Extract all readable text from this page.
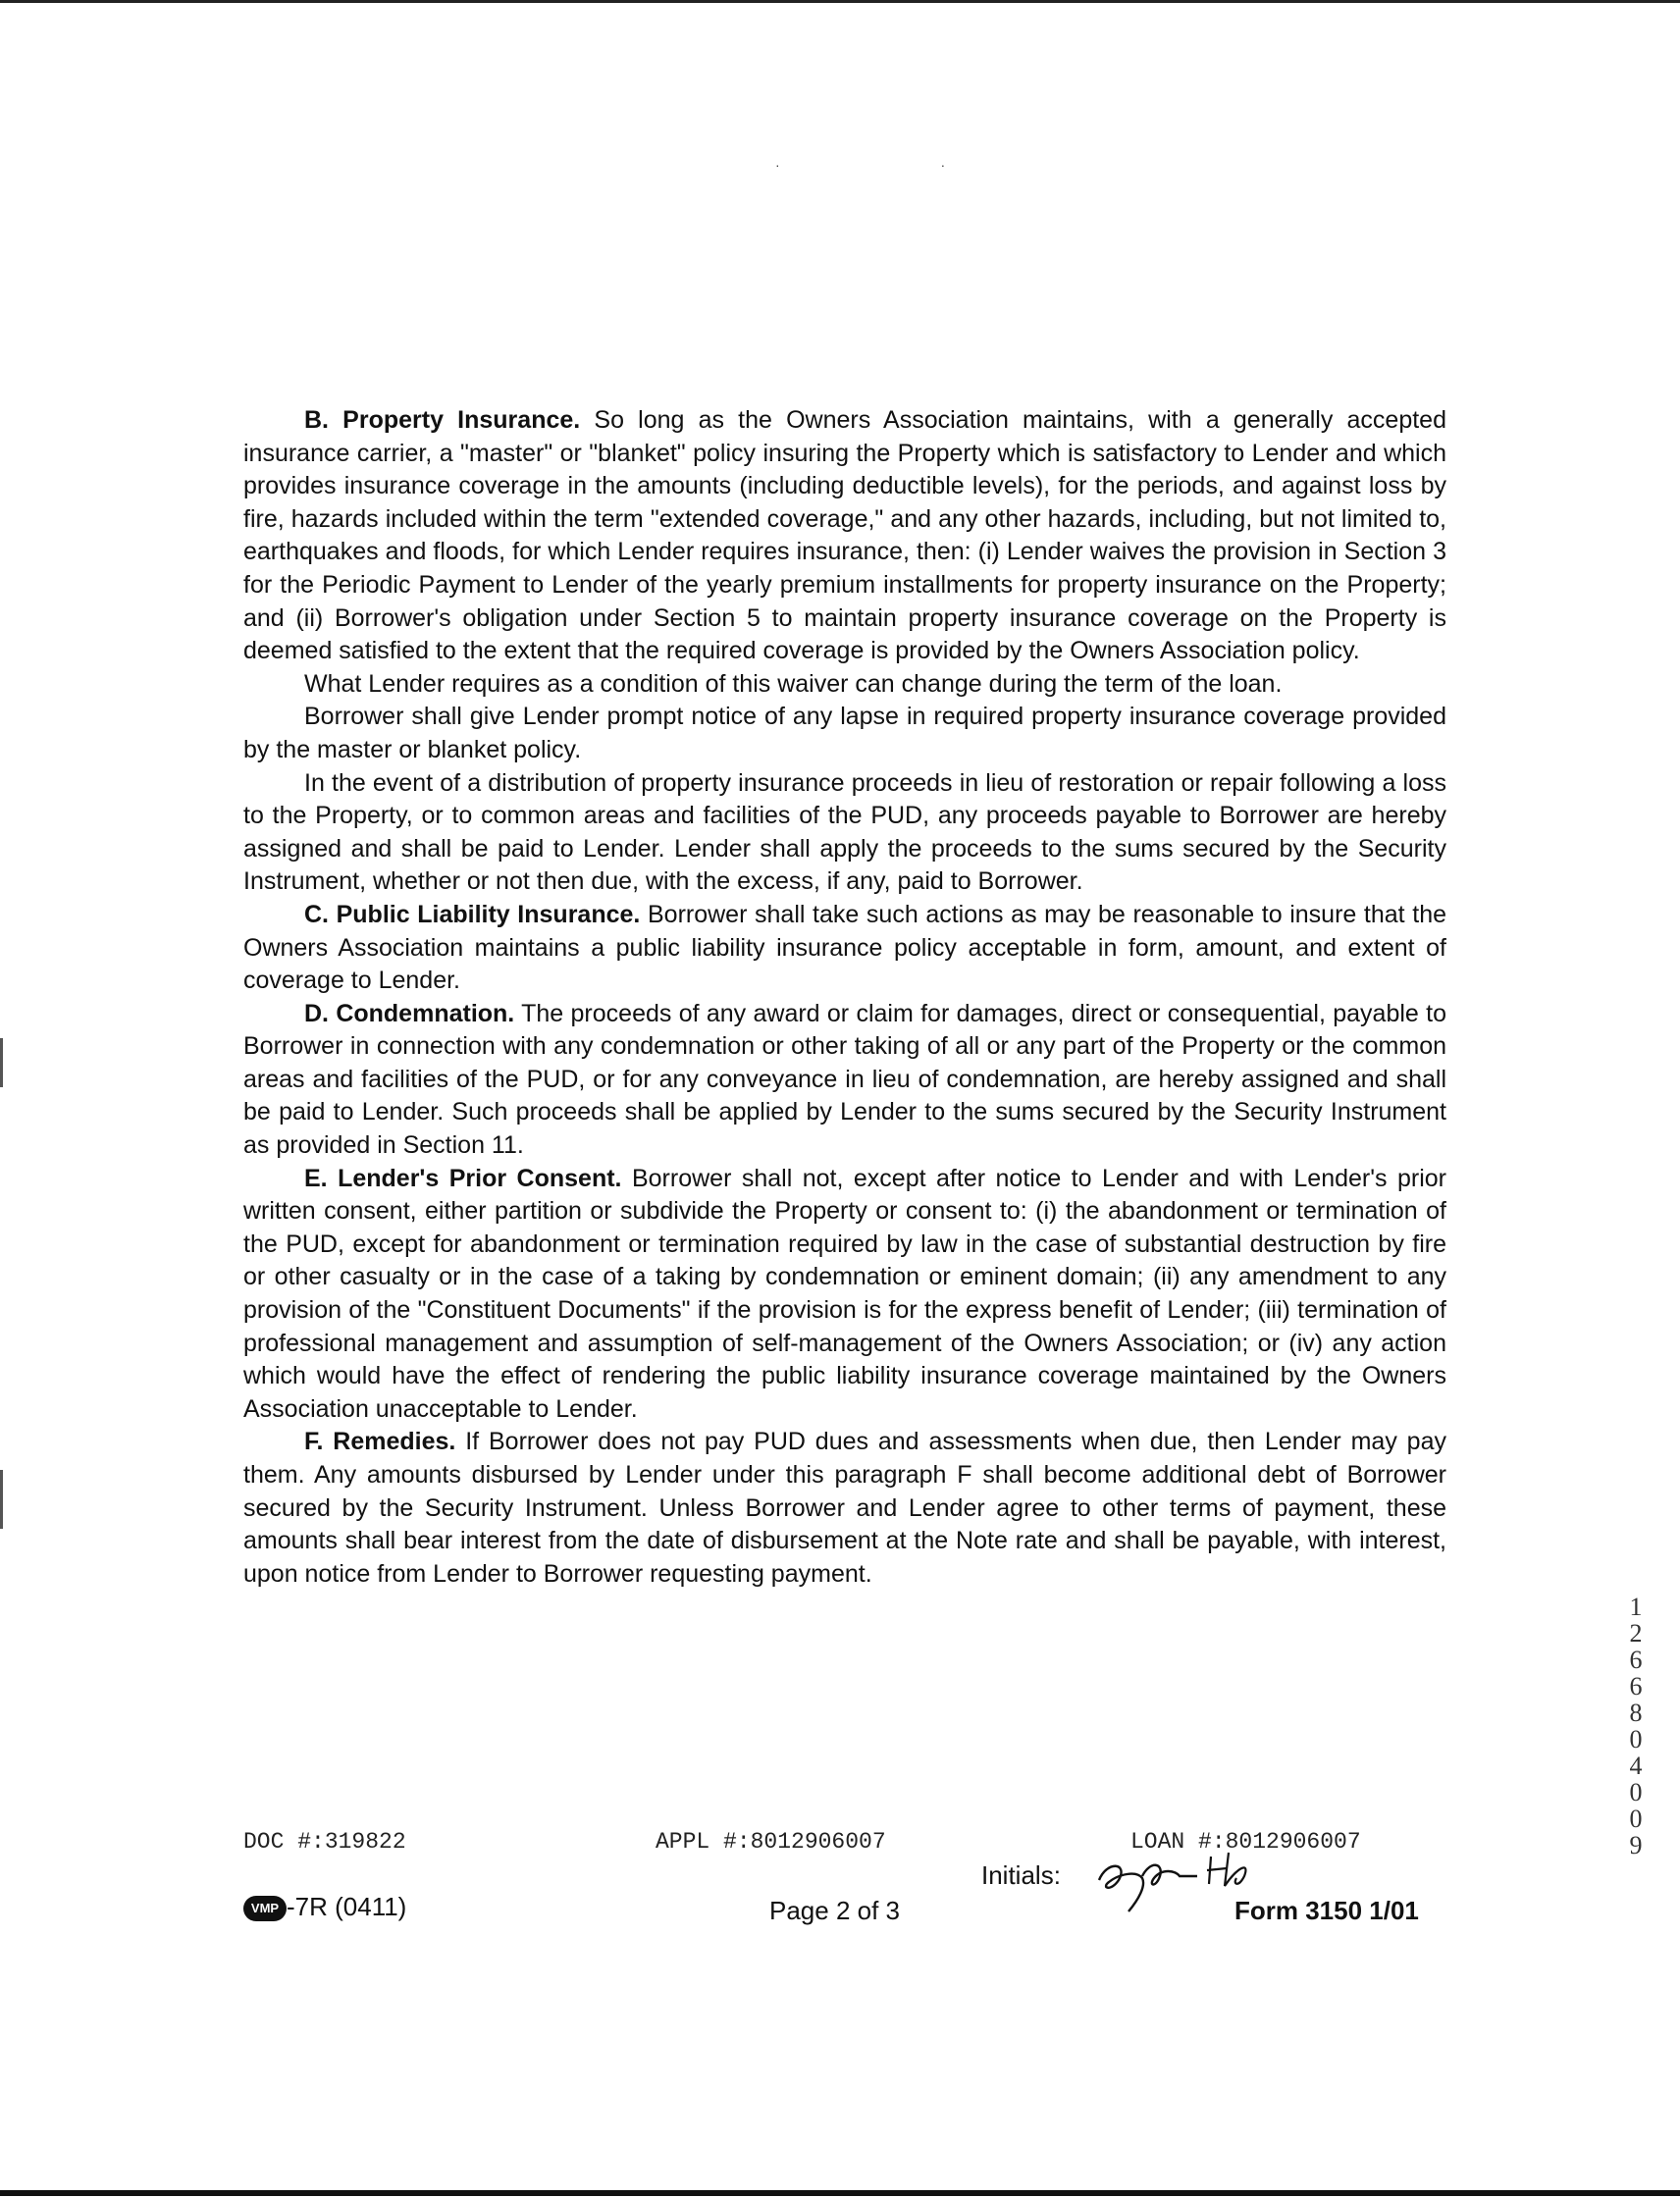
· ·

B. Property Insurance. So long as the Owners Association maintains, with a generally accepted insurance carrier, a "master" or "blanket" policy insuring the Property which is satisfactory to Lender and which provides insurance coverage in the amounts (including deductible levels), for the periods, and against loss by fire, hazards included within the term "extended coverage," and any other hazards, including, but not limited to, earthquakes and floods, for which Lender requires insurance, then: (i) Lender waives the provision in Section 3 for the Periodic Payment to Lender of the yearly premium installments for property insurance on the Property; and (ii) Borrower's obligation under Section 5 to maintain property insurance coverage on the Property is deemed satisfied to the extent that the required coverage is provided by the Owners Association policy.

What Lender requires as a condition of this waiver can change during the term of the loan.

Borrower shall give Lender prompt notice of any lapse in required property insurance coverage provided by the master or blanket policy.

In the event of a distribution of property insurance proceeds in lieu of restoration or repair following a loss to the Property, or to common areas and facilities of the PUD, any proceeds payable to Borrower are hereby assigned and shall be paid to Lender. Lender shall apply the proceeds to the sums secured by the Security Instrument, whether or not then due, with the excess, if any, paid to Borrower.

C. Public Liability Insurance. Borrower shall take such actions as may be reasonable to insure that the Owners Association maintains a public liability insurance policy acceptable in form, amount, and extent of coverage to Lender.

D. Condemnation. The proceeds of any award or claim for damages, direct or consequential, payable to Borrower in connection with any condemnation or other taking of all or any part of the Property or the common areas and facilities of the PUD, or for any conveyance in lieu of condemnation, are hereby assigned and shall be paid to Lender. Such proceeds shall be applied by Lender to the sums secured by the Security Instrument as provided in Section 11.

E. Lender's Prior Consent. Borrower shall not, except after notice to Lender and with Lender's prior written consent, either partition or subdivide the Property or consent to: (i) the abandonment or termination of the PUD, except for abandonment or termination required by law in the case of substantial destruction by fire or other casualty or in the case of a taking by condemnation or eminent domain; (ii) any amendment to any provision of the "Constituent Documents" if the provision is for the express benefit of Lender; (iii) termination of professional management and assumption of self-management of the Owners Association; or (iv) any action which would have the effect of rendering the public liability insurance coverage maintained by the Owners Association unacceptable to Lender.

F. Remedies. If Borrower does not pay PUD dues and assessments when due, then Lender may pay them. Any amounts disbursed by Lender under this paragraph F shall become additional debt of Borrower secured by the Security Instrument. Unless Borrower and Lender agree to other terms of payment, these amounts shall bear interest from the date of disbursement at the Note rate and shall be payable, with interest, upon notice from Lender to Borrower requesting payment.

DOC #:319822	APPL #:8012906007	LOAN #:8012906007
VMP -7R (0411)	Page 2 of 3
Initials:
Form 3150 1/01
1
2
6
6
8
0
4
0
0
9
